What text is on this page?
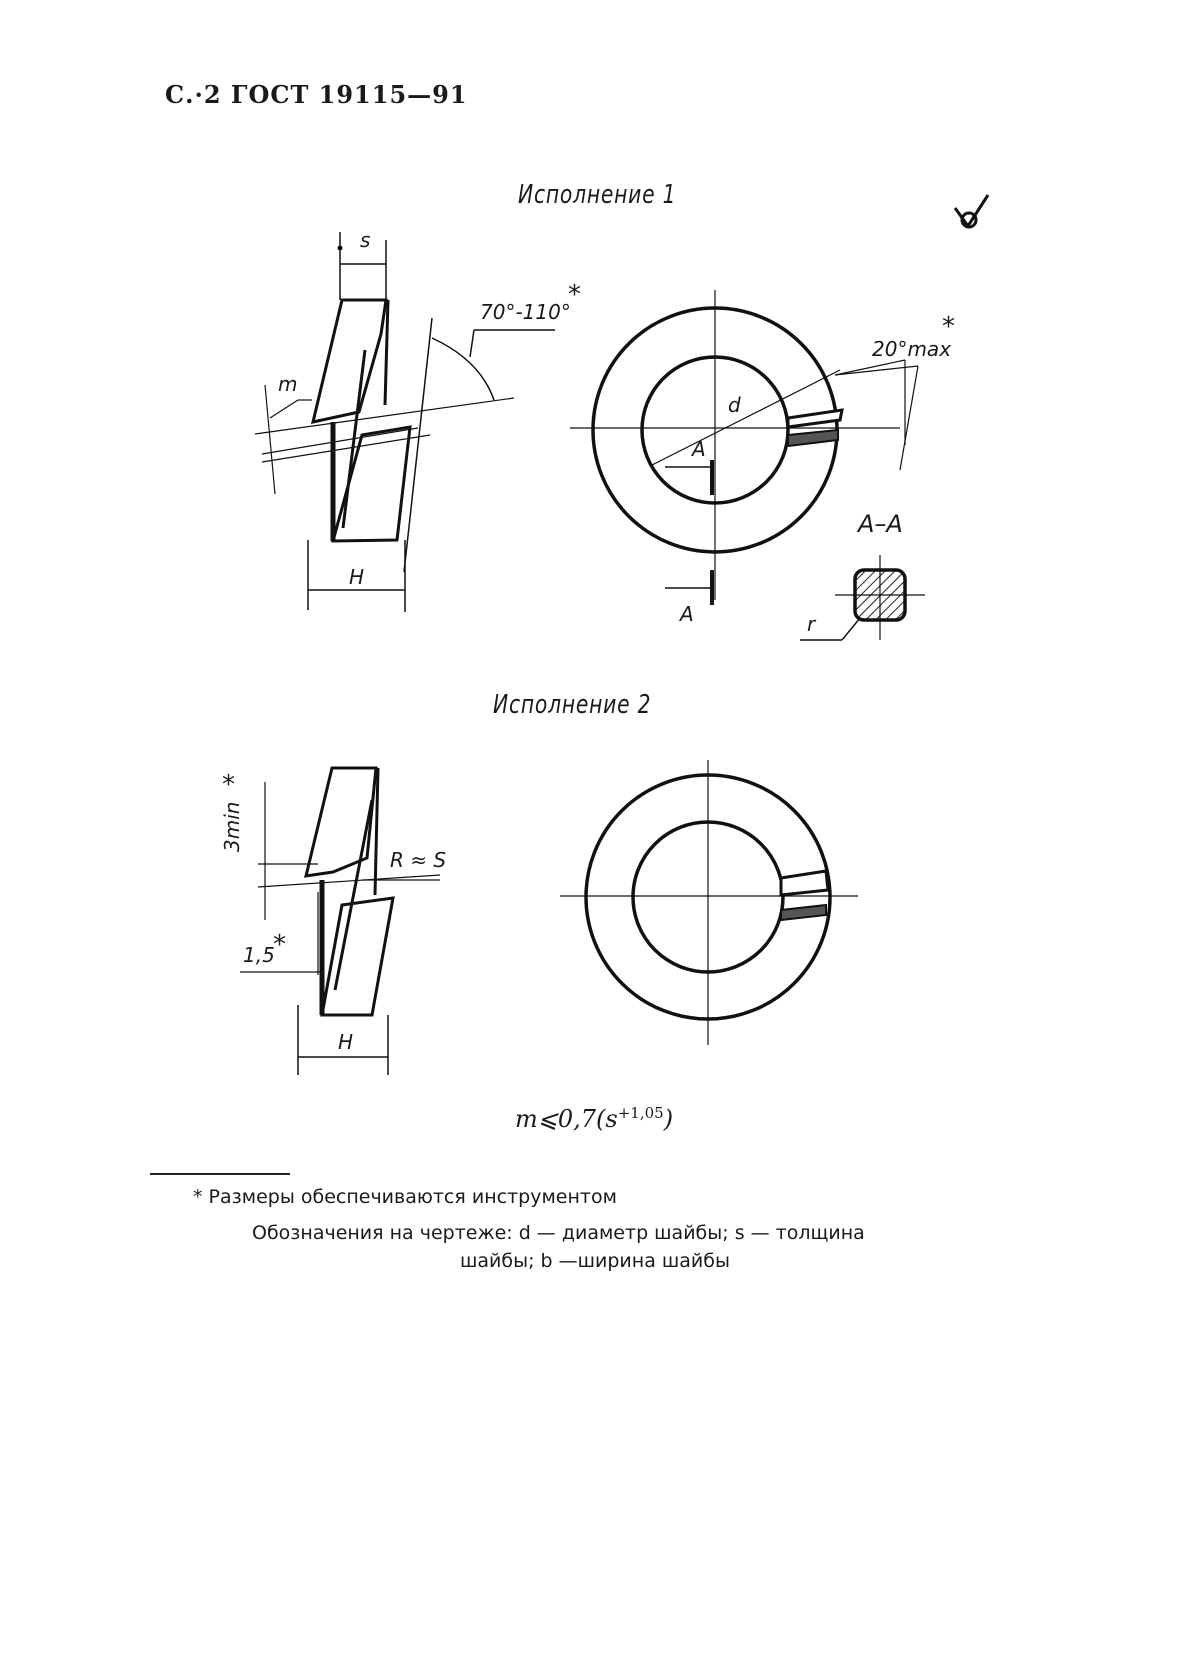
С.·2 ГОСТ 19115—91
Исполнение 1
Исполнение 2
s
m
H
70°-110°
*
d
20°max
*
A
A
A–A
r
*
3min
R ≈ S
1,5
*
H
$m⩽0,7(s^{+1,05})$
* Размеры обеспечиваются инструментом
Обозначения на чертеже: d — диаметр шайбы; s — толщина
шайбы; b —ширина шайбы
